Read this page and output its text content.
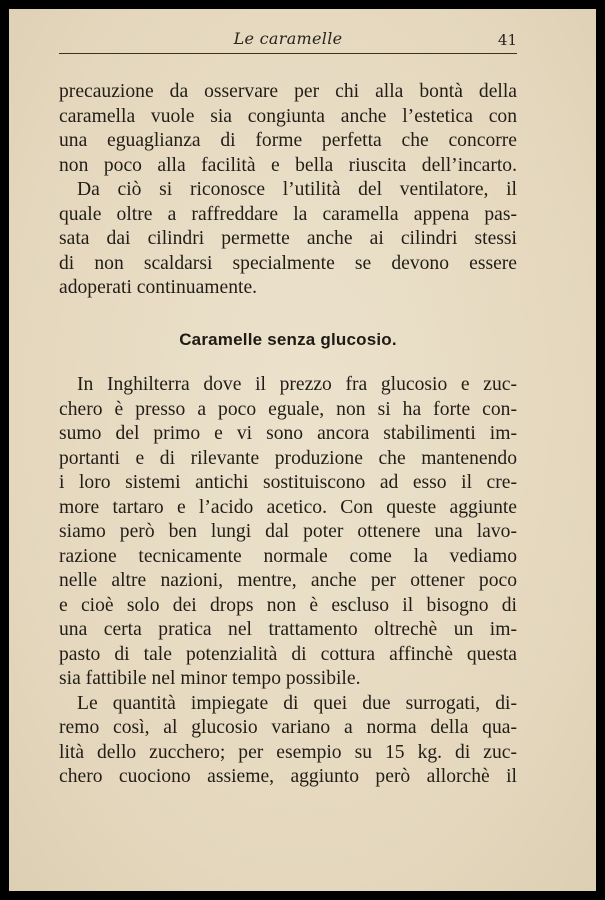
Le caramelle	41
precauzione da osservare per chi alla bontà della
caramella vuole sia congiunta anche l’estetica con
una eguaglianza di forme perfetta che concorre
non poco alla facilità e bella riuscita dell’incarto.
Da ciò si riconosce l’utilità del ventilatore, il
quale oltre a raffreddare la caramella appena pas-
sata dai cilindri permette anche ai cilindri stessi
di non scaldarsi specialmente se devono essere
adoperati continuamente.
Caramelle senza glucosio.
In Inghilterra dove il prezzo fra glucosio e zuc-
chero è presso a poco eguale, non si ha forte con-
sumo del primo e vi sono ancora stabilimenti im-
portanti e di rilevante produzione che mantenendo
i loro sistemi antichi sostituiscono ad esso il cre-
more tartaro e l’acido acetico. Con queste aggiunte
siamo però ben lungi dal poter ottenere una lavo-
razione tecnicamente normale come la vediamo
nelle altre nazioni, mentre, anche per ottener poco
e cioè solo dei drops non è escluso il bisogno di
una certa pratica nel trattamento oltrechè un im-
pasto di tale potenzialità di cottura affinchè questa
sia fattibile nel minor tempo possibile.
Le quantità impiegate di quei due surrogati, di-
remo così, al glucosio variano a norma della qua-
lità dello zucchero; per esempio su 15 kg. di zuc-
chero cuociono assieme, aggiunto però allorchè il
